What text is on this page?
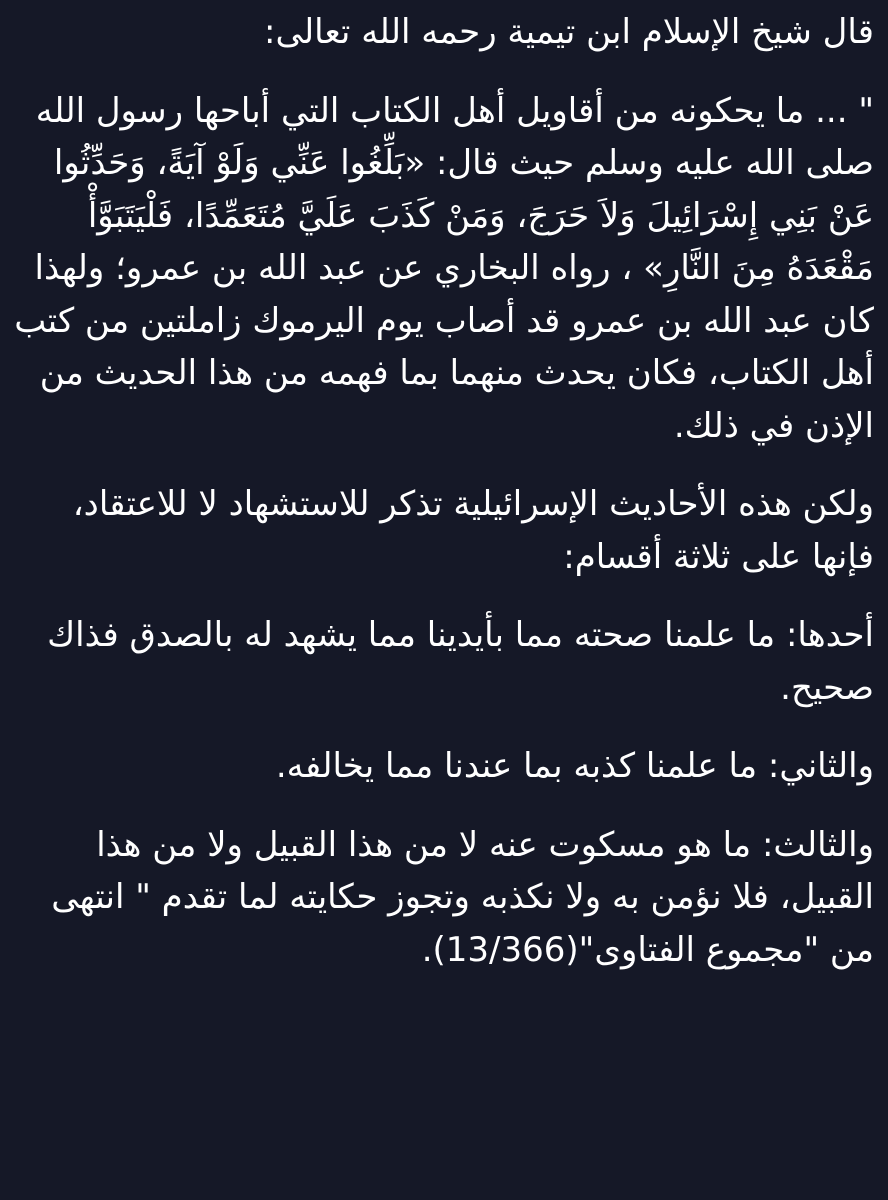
قال شيخ الإسلام ابن تيمية رحمه الله تعالى:

" ... ما يحكونه من أقاويل أهل الكتاب التي أباحها رسول الله صلى الله عليه وسلم حيث قال: «بَلِّغُوا عَنِّي وَلَوْ آيَةً، وَحَدِّثُوا عَنْ بَنِي إِسْرَائِيلَ وَلاَ حَرَجَ، وَمَنْ كَذَبَ عَلَيَّ مُتَعَمِّدًا، فَلْيَتَبَوَّأْ مَقْعَدَهُ مِنَ النَّارِ» ، رواه البخاري عن عبد الله بن عمرو؛ ولهذا كان عبد الله بن عمرو قد أصاب يوم اليرموك زاملتين من كتب أهل الكتاب، فكان يحدث منهما بما فهمه من هذا الحديث من الإذن في ذلك.

ولكن هذه الأحاديث الإسرائيلية تذكر للاستشهاد لا للاعتقاد، فإنها على ثلاثة أقسام:

أحدها: ما علمنا صحته مما بأيدينا مما يشهد له بالصدق فذاك صحيح.

والثاني: ما علمنا كذبه بما عندنا مما يخالفه.

والثالث: ما هو مسكوت عنه لا من هذا القبيل ولا من هذا القبيل، فلا نؤمن به ولا نكذبه وتجوز حكايته لما تقدم " انتهى من "مجموع الفتاوى"(13/366).
